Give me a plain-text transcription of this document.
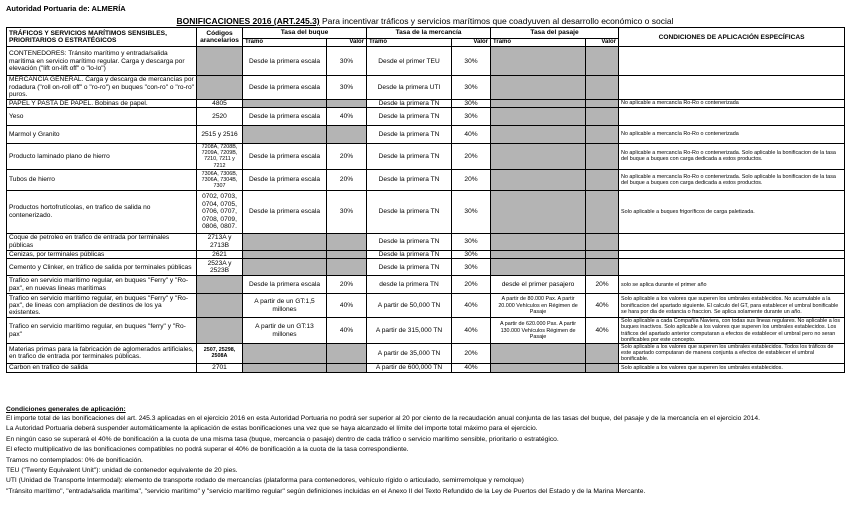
Autoridad Portuaria de: ALMERÍA
BONIFICACIONES 2016 (ART.245.3) Para incentivar tráficos y servicios marítimos que coadyuven al desarrollo económico o social
TRÁFICOS Y SERVICIOS MARÍTIMOS SENSIBLES, PRIORITARIOS O ESTRATÉGICOS	Códigos arancelarios	Tasa del buque		Tasa de la mercancía		Tasa del pasaje		CONDICIONES DE APLICACIÓN ESPECÍFICAS
		Tramo	Valor	Tramo	Valor	Tramo	Valor	
CONTENEDORES: Tránsito marítimo y entrada/salida marítima en servicio marítimo regular. Carga y descarga por elevación ("lift on-lift off" o "lo-lo")		Desde la primera escala	30%	Desde el primer TEU	30%			
MERCANCÍA GENERAL. Carga y descarga de mercancías por rodadura ("roll on-roll off" o "ro-ro") en buques "con-ro" o "ro-ro" puros.		Desde la primera escala	30%	Desde la primera UTI	30%			
PAPEL Y PASTA DE PAPEL. Bobinas de papel.	4805			Desde la primera TN	30%			No aplicable a mercancía Ro-Ro o contenerizada
Yeso	2520	Desde la primera escala	40%	Desde la primera TN	30%			
Marmol y Granito	2515 y 2516			Desde la primera TN	40%			No aplicable a mercancía Ro-Ro o contenerizada
Producto laminado plano de hierro	7208A, 7208B, 7209A, 7209B, 7210, 7211 y 7212	Desde la primera escala	20%	Desde la primera TN	20%			No aplicable a mercancía Ro-Ro o contenerizada. Solo aplicable la bonificacion de la tasa del buque a buques con carga dedicada a estos productos.
Tubos de hierro	7306A, 7306B, 7306A, 7304B, 7307	Desde la primera escala	20%	Desde la primera TN	20%			No aplicable a mercancía Ro-Ro o contenerizada. Solo aplicable la bonificacion de la tasa del buque a buques con carga dedicada a estos productos.
Productos hortofrutícolas, en trafico de salida no contenerizado.	0702, 0703, 0704, 0705, 0706, 0707, 0708, 0709, 0806, 0807.	Desde la primera escala	30%	Desde la primera TN	30%			Solo aplicable a buques frigoríficos de carga paletizada.
Coque de petroleo en trafico de entrada por terminales públicas	2713A y 2713B			Desde la primera TN	30%			
Cenizas, por terminales públicas	2621			Desde la primera TN	30%			
Cemento y Clinker, en tráfico de salida por terminales públicas	2523A y 2523B			Desde la primera TN	30%			
Trafico en servicio marítimo regular, en buques "Ferry" y "Ro-pax", en nuevas lineas marítimas		Desde la primera escala	20%	desde la primera TN	20%	desde el primer pasajero	20%	solo se aplica durante el primer año
Trafico en servicio marítimo regular, en buques "Ferry" y "Ro-pax", de lineas con ampliacion de destinos de los ya existentes.		A partir de un GT:1,5 millones	40%	A partir de 50,000 TN	40%	A partir de 80.000 Pax. A partir 20.000 Vehículos en Régimen de Pasaje	40%	Solo aplicable a los valores que superen los umbrales establecidos. No acumulable a la bonificacion del apartado siguiente. El calculo del GT, para establecer el umbral bonificable se hara por dia de estancia o fraccion. Se aplica solamente durante un año.
Trafico en servicio marítimo regular, en buques "ferry" y "Ro-pax"		A partir de un GT:13 millones	40%	A partir de 315,000 TN	40%	A partir de 620.000 Pax. A partir 130.000 Vehículos Régimen de Pasaje	40%	Solo aplicable a cada Compañía Naviera, con todas sus lineas regulares. No aplicable a los buques inactivos. Solo aplicable a los valores que superen los umbrales establecidos. Los tráficos del apartado anterior computaran a efectos de establecer el umbral pero no seran bonificables por este concepto.
Materias primas para la fabricación de aglomerados artificiales, en trafico de entrada por terminales públicas.	2507, 25298, 2508A			A partir de 35,000 TN	20%			Solo aplicable a los valores que superen los umbrales establecidos. Todos los tráficos de este apartado computaran de manera conjunta a efectos de establecer el umbral bonificable.
Carbon en trafico de salida	2701			A partir de 600,000 TN	40%			Solo aplicable a los valores que superen los umbrales establecidos.
Condiciones generales de aplicación:
El importe total de las bonificaciones del art. 245.3 aplicadas en el ejercicio 2016 en esta Autoridad Portuaria no podrá ser superior al 20 por ciento de la recaudación anual conjunta de las tasas del buque, del pasaje y de la mercancía en el ejercicio 2014.
La Autoridad Portuaria deberá suspender automáticamente la aplicación de estas bonificaciones una vez que se haya alcanzado el límite del importe total máximo para el ejercicio.
En ningún caso se superará el 40% de bonificación a la cuota de una misma tasa (buque, mercancía o pasaje) dentro de cada tráfico o servicio marítimo sensible, prioritario o estratégico.
El efecto multiplicativo de las bonificaciones compatibles no podrá superar el 40% de bonificación a la cuota de la tasa correspondiente.
Tramos no contemplados: 0% de bonificación.
TEU ("Twenty Equivalent Unit"): unidad de contenedor equivalente de 20 pies.
UTI (Unidad de Transporte Intermodal): elemento de transporte rodado de mercancías (plataforma para contenedores, vehículo rígido o articulado, semirremolque y remolque)
"Tránsito marítimo", "entrada/salida marítima", "servicio marítimo" y "servicio marítimo regular" según definiciones incluidas en el Anexo II del Texto Refundido de la Ley de Puertos del Estado y de la Marina Mercante.
